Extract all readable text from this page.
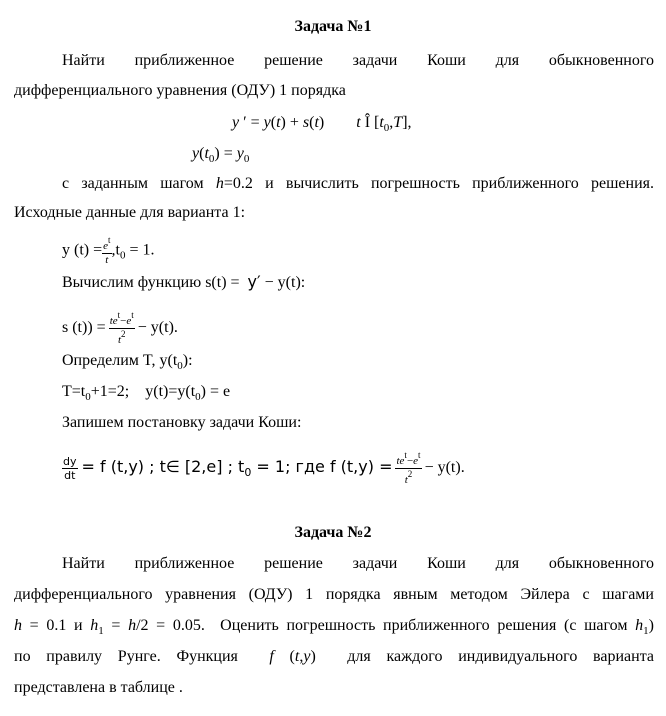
Задача №1
Найти приближенное решение задачи Коши для обыкновенного
дифференциального уравнения (ОДУ) 1 порядка
y ′ = y(t) + s(t)        t Î $[t_0,T]$,
$y(t_0) = y_0$
с заданным шагом h=0.2 и вычислить погрешность приближенного решения.
Исходные данные для варианта 1:
y $(t) = \frac{e^t}{t} ,t_0 = 1$.
Вычислим функцию s(t) =  y′ − y(t):
s $(t)) = \frac{te^t-e^t}{t^2} - y(t)$.
Определим T, $y(t_0)$:
$T=t_0+1=2$;    $y(t)=y(t_0) = e$
Запишем постановку задачи Коши:
$\frac{dy}{dt} = f$ (t,y) ; t∈ [2,e] ; $t_0 = 1$; где f $(t,y) = \frac{te^t-e^t}{t^2} - y(t)$.
Задача №2
Найти приближенное решение задачи Коши для обыкновенного
дифференциального уравнения (ОДУ) 1 порядка явным методом Эйлера с шагами
h = 0.1 и $h_1 = h/2 = 0.05$.  Оценить погрешность приближенного решения (с шагом $h_1$)
по правилу Рунге. Функция  f (t,y)  для каждого индивидуального варианта
представлена в таблице .
